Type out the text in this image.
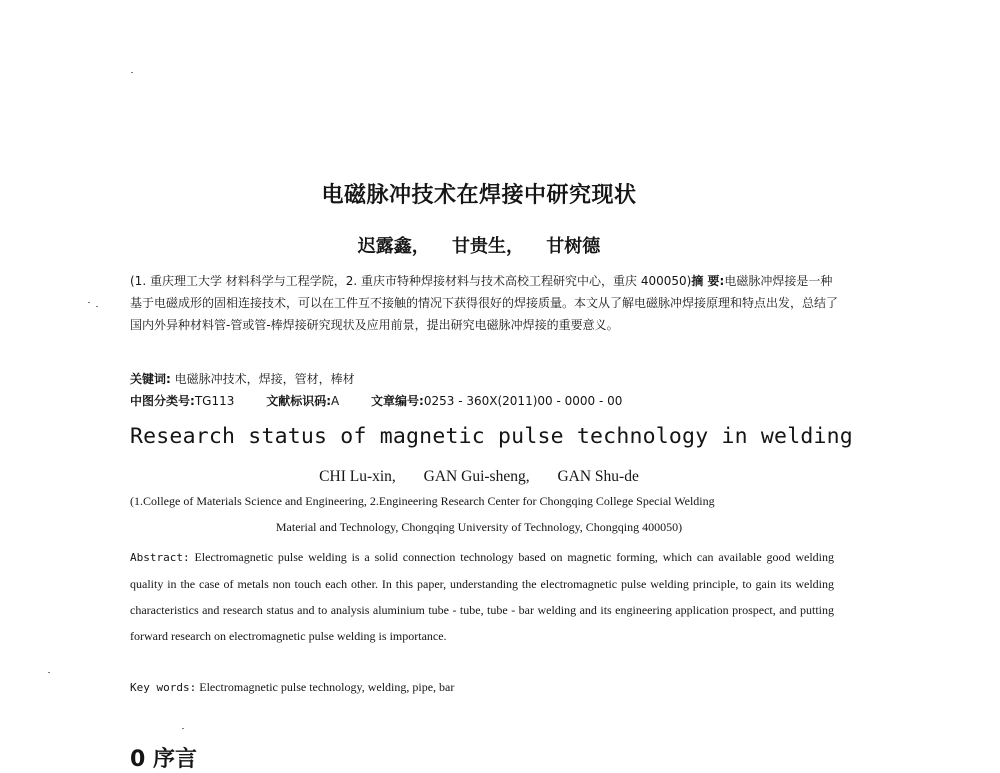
电磁脉冲技术在焊接中研究现状
迟露鑫， 甘贵生， 甘树德
(1. 重庆理工大学 材料科学与工程学院，2. 重庆市特种焊接材料与技术高校工程研究中心，重庆 400050)摘 要:电磁脉冲焊接是一种基于电磁成形的固相连接技术，可以在工件互不接触的情况下获得很好的焊接质量。本文从了解电磁脉冲焊接原理和特点出发，总结了国内外异种材料管-管或管-棒焊接研究现状及应用前景，提出研究电磁脉冲焊接的重要意义。
关键词: 电磁脉冲技术，焊接，管材，棒材
中图分类号:TG113	文献标识码:A	文章编号:0253 - 360X(2011)00 - 0000 - 00
Research status of magnetic pulse technology in welding
CHI Lu-xin, GAN Gui-sheng, GAN Shu-de
(1.College of Materials Science and Engineering, 2.Engineering Research Center for Chongqing College Special Welding
Material and Technology, Chongqing University of Technology, Chongqing 400050)
Abstract: Electromagnetic pulse welding is a solid connection technology based on magnetic forming, which can available good welding quality in the case of metals non touch each other. In this paper, understanding the electromagnetic pulse welding principle, to gain its welding characteristics and research status and to analysis aluminium tube - tube, tube - bar welding and its engineering application prospect, and putting forward research on electromagnetic pulse welding is importance.
Key words: Electromagnetic pulse technology, welding, pipe, bar
0 序言
